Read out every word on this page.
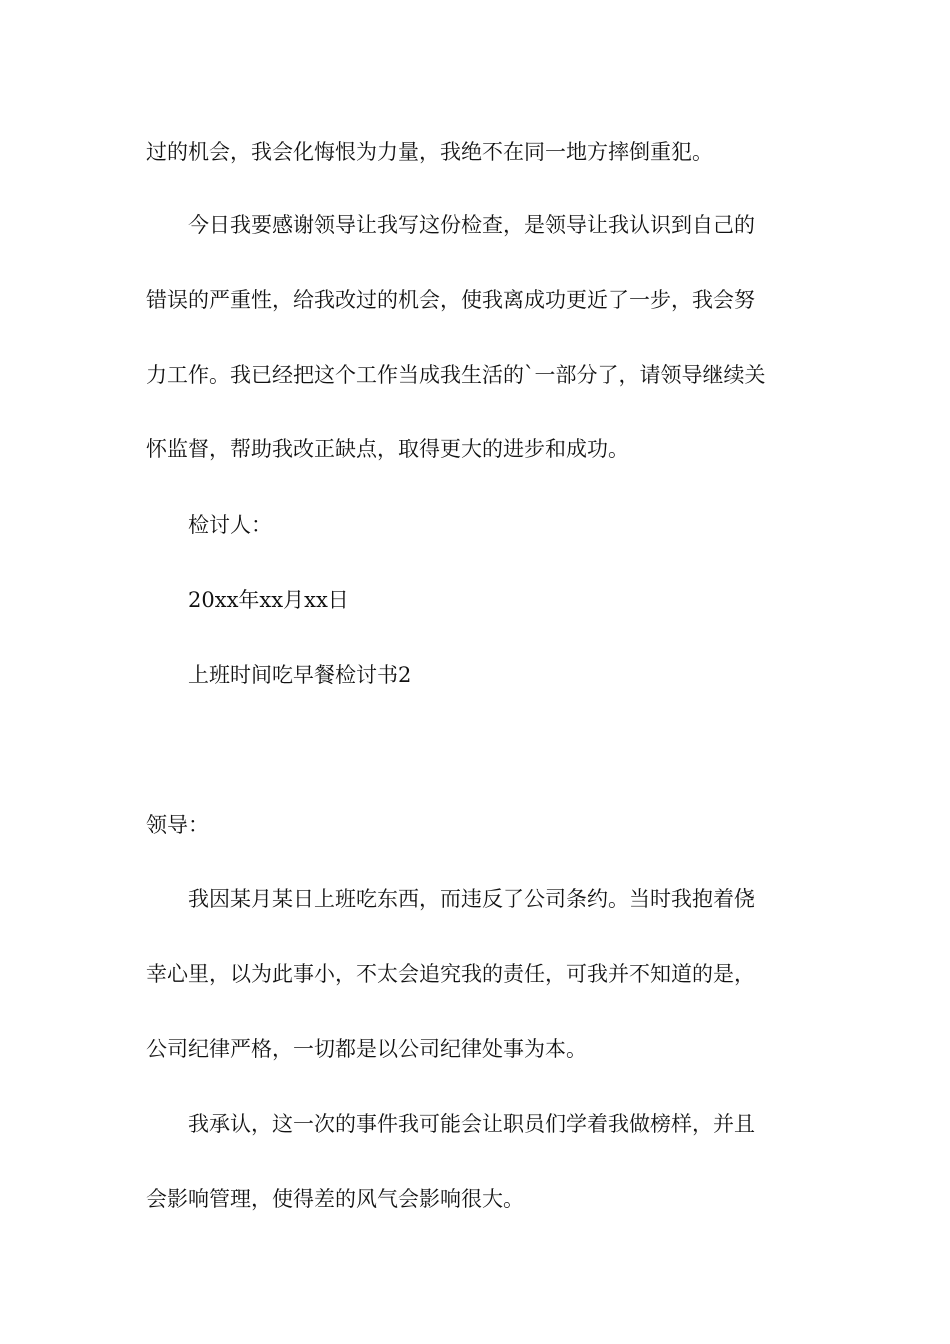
过的机会，我会化悔恨为力量，我绝不在同一地方摔倒重犯。
今日我要感谢领导让我写这份检查，是领导让我认识到自己的
错误的严重性，给我改过的机会，使我离成功更近了一步，我会努
力工作。我已经把这个工作当成我生活的`一部分了，请领导继续关
怀监督，帮助我改正缺点，取得更大的进步和成功。
检讨人：
20xx年xx月xx日
上班时间吃早餐检讨书2
领导：
我因某月某日上班吃东西，而违反了公司条约。当时我抱着侥
幸心里，以为此事小，不太会追究我的责任，可我并不知道的是，
公司纪律严格，一切都是以公司纪律处事为本。
我承认，这一次的事件我可能会让职员们学着我做榜样，并且
会影响管理，使得差的风气会影响很大。
